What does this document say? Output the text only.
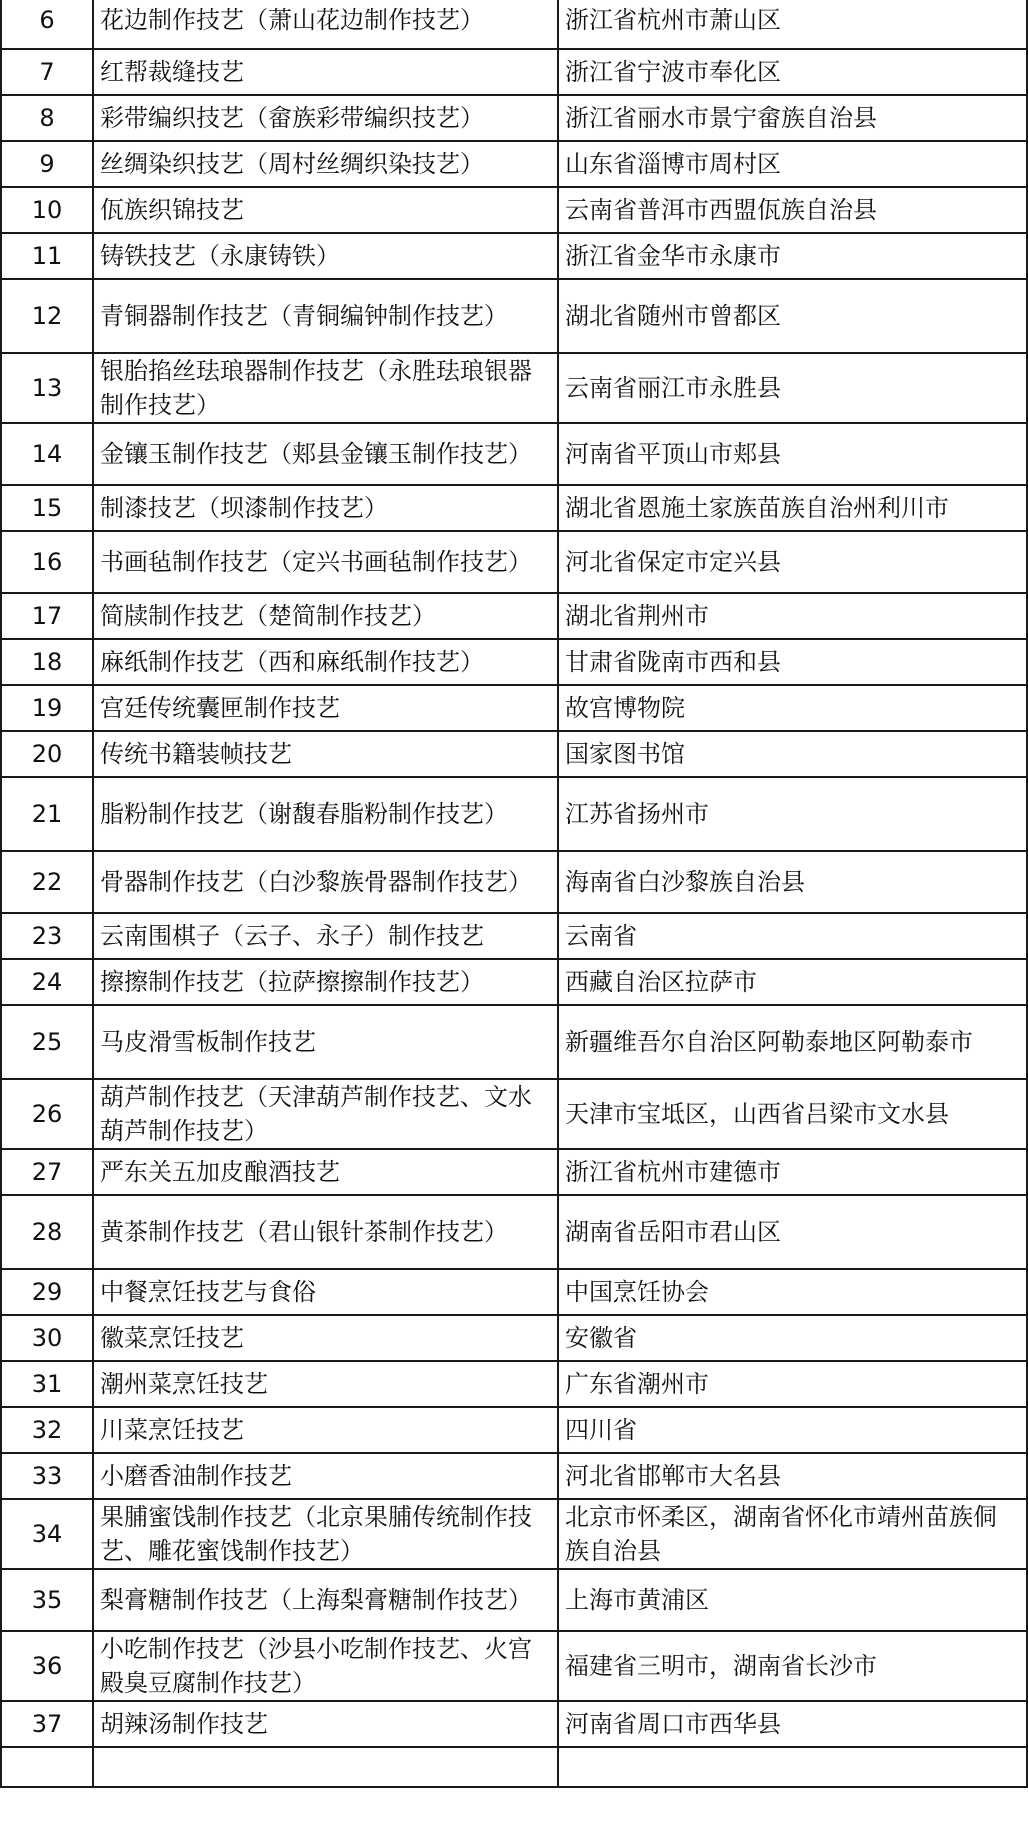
6	花边制作技艺（萧山花边制作技艺）	浙江省杭州市萧山区
7	红帮裁缝技艺	浙江省宁波市奉化区
8	彩带编织技艺（畲族彩带编织技艺）	浙江省丽水市景宁畲族自治县
9	丝绸染织技艺（周村丝绸织染技艺）	山东省淄博市周村区
10	佤族织锦技艺	云南省普洱市西盟佤族自治县
11	铸铁技艺（永康铸铁）	浙江省金华市永康市
12	青铜器制作技艺（青铜编钟制作技艺）	湖北省随州市曾都区
13	银胎掐丝珐琅器制作技艺（永胜珐琅银器制作技艺）	云南省丽江市永胜县
14	金镶玉制作技艺（郏县金镶玉制作技艺）	河南省平顶山市郏县
15	制漆技艺（坝漆制作技艺）	湖北省恩施土家族苗族自治州利川市
16	书画毡制作技艺（定兴书画毡制作技艺）	河北省保定市定兴县
17	简牍制作技艺（楚简制作技艺）	湖北省荆州市
18	麻纸制作技艺（西和麻纸制作技艺）	甘肃省陇南市西和县
19	宫廷传统囊匣制作技艺	故宫博物院
20	传统书籍装帧技艺	国家图书馆
21	脂粉制作技艺（谢馥春脂粉制作技艺）	江苏省扬州市
22	骨器制作技艺（白沙黎族骨器制作技艺）	海南省白沙黎族自治县
23	云南围棋子（云子、永子）制作技艺	云南省
24	擦擦制作技艺（拉萨擦擦制作技艺）	西藏自治区拉萨市
25	马皮滑雪板制作技艺	新疆维吾尔自治区阿勒泰地区阿勒泰市
26	葫芦制作技艺（天津葫芦制作技艺、文水葫芦制作技艺）	天津市宝坻区，山西省吕梁市文水县
27	严东关五加皮酿酒技艺	浙江省杭州市建德市
28	黄茶制作技艺（君山银针茶制作技艺）	湖南省岳阳市君山区
29	中餐烹饪技艺与食俗	中国烹饪协会
30	徽菜烹饪技艺	安徽省
31	潮州菜烹饪技艺	广东省潮州市
32	川菜烹饪技艺	四川省
33	小磨香油制作技艺	河北省邯郸市大名县
34	果脯蜜饯制作技艺（北京果脯传统制作技艺、雕花蜜饯制作技艺）	北京市怀柔区，湖南省怀化市靖州苗族侗族自治县
35	梨膏糖制作技艺（上海梨膏糖制作技艺）	上海市黄浦区
36	小吃制作技艺（沙县小吃制作技艺、火宫殿臭豆腐制作技艺）	福建省三明市，湖南省长沙市
37	胡辣汤制作技艺	河南省周口市西华县
